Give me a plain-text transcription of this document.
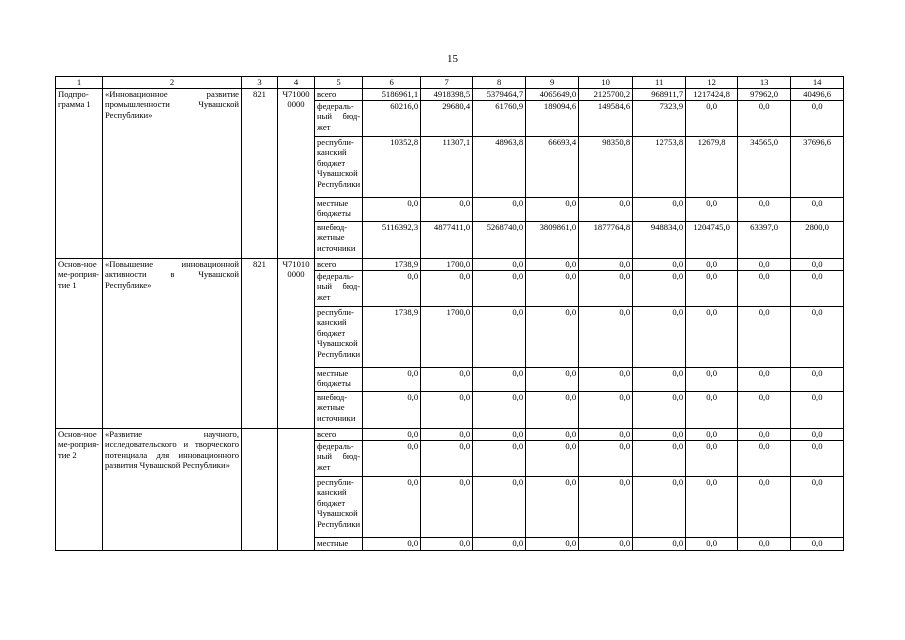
15
1	2	3	4	5	6	7	8	9	10	11	12	13	14
Подпро-грамма 1	«Инновационное развитие промышленности Чувашской Республики»	821	Ч71000 0000	всего	5186961,1	4918398,5	5379464,7	4065649,0	2125700,2	968911,7	1217424,8	97962,0	40496,6
				федераль-ный бюд-жет	60216,0	29680,4	61760,9	189094,6	149584,6	7323,9	0,0	0,0	0,0
				республи-канский бюджет Чувашской Республики	10352,8	11307,1	48963,8	66693,4	98350,8	12753,8	12679,8	34565,0	37696,6
				местные бюджеты	0,0	0,0	0,0	0,0	0,0	0,0	0,0	0,0	0,0
				внебюд-жетные источники	5116392,3	4877411,0	5268740,0	3809861,0	1877764,8	948834,0	1204745,0	63397,0	2800,0
Основ-ное ме-роприя-тие 1	«Повышение инновационной активности в Чувашской Республике»	821	Ч71010 0000	всего	1738,9	1700,0	0,0	0,0	0,0	0,0	0,0	0,0	0,0
				федераль-ный бюд-жет	0,0	0,0	0,0	0,0	0,0	0,0	0,0	0,0	0,0
				республи-канский бюджет Чувашской Республики	1738,9	1700,0	0,0	0,0	0,0	0,0	0,0	0,0	0,0
				местные бюджеты	0,0	0,0	0,0	0,0	0,0	0,0	0,0	0,0	0,0
				внебюд-жетные источники	0,0	0,0	0,0	0,0	0,0	0,0	0,0	0,0	0,0
Основ-ное ме-роприя-тие 2	«Развитие научного, исследовательского и творческого потенциала для инновационного развития Чувашской Республики»			всего	0,0	0,0	0,0	0,0	0,0	0,0	0,0	0,0	0,0
				федераль-ный бюд-жет	0,0	0,0	0,0	0,0	0,0	0,0	0,0	0,0	0,0
				республи-канский бюджет Чувашской Республики	0,0	0,0	0,0	0,0	0,0	0,0	0,0	0,0	0,0
				местные	0,0	0,0	0,0	0,0	0,0	0,0	0,0	0,0	0,0
